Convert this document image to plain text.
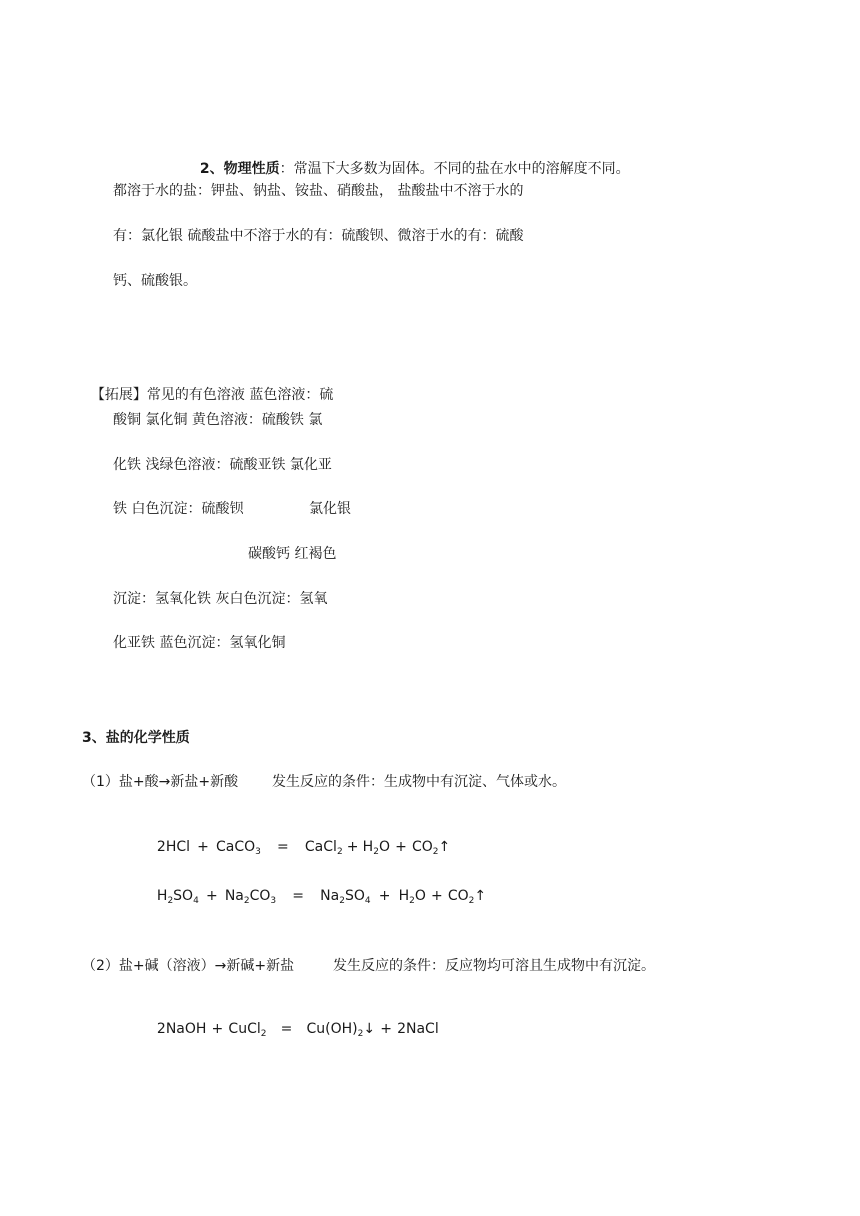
2、物理性质：常温下大多数为固体。不同的盐在水中的溶解度不同。

都溶于水的盐：钾盐、钠盐、铵盐、硝酸盐， 盐酸盐中不溶于水的
有：氯化银 硫酸盐中不溶于水的有：硫酸钡、微溶于水的有：硫酸
钙、硫酸银。

【拓展】常见的有色溶液 蓝色溶液：硫

酸铜 氯化铜 黄色溶液：硫酸铁 氯
化铁 浅绿色溶液：硫酸亚铁 氯化亚
铁 白色沉淀：硫酸钡	氯化银
碳酸钙 红褐色
沉淀：氢氧化铁 灰白色沉淀：氢氧
化亚铁 蓝色沉淀：氢氧化铜
3、盐的化学性质
（1）盐+酸→新盐+新酸 发生反应的条件：生成物中有沉淀、气体或水。

2HCl + CaCO$_3$ = CaCl$_2$ + $H_2O$ + $CO_2↑$

$H_2SO_4 + Na_2CO_3 = Na_2SO_4 + H_2O$ + $CO_2↑$

（2）盐+碱（溶液）→新碱+新盐	发生反应的条件：反应物均可溶且生成物中有沉淀。

2NaOH + CuCl$_2$ = $Cu(OH)_2↓$ + 2NaCl
